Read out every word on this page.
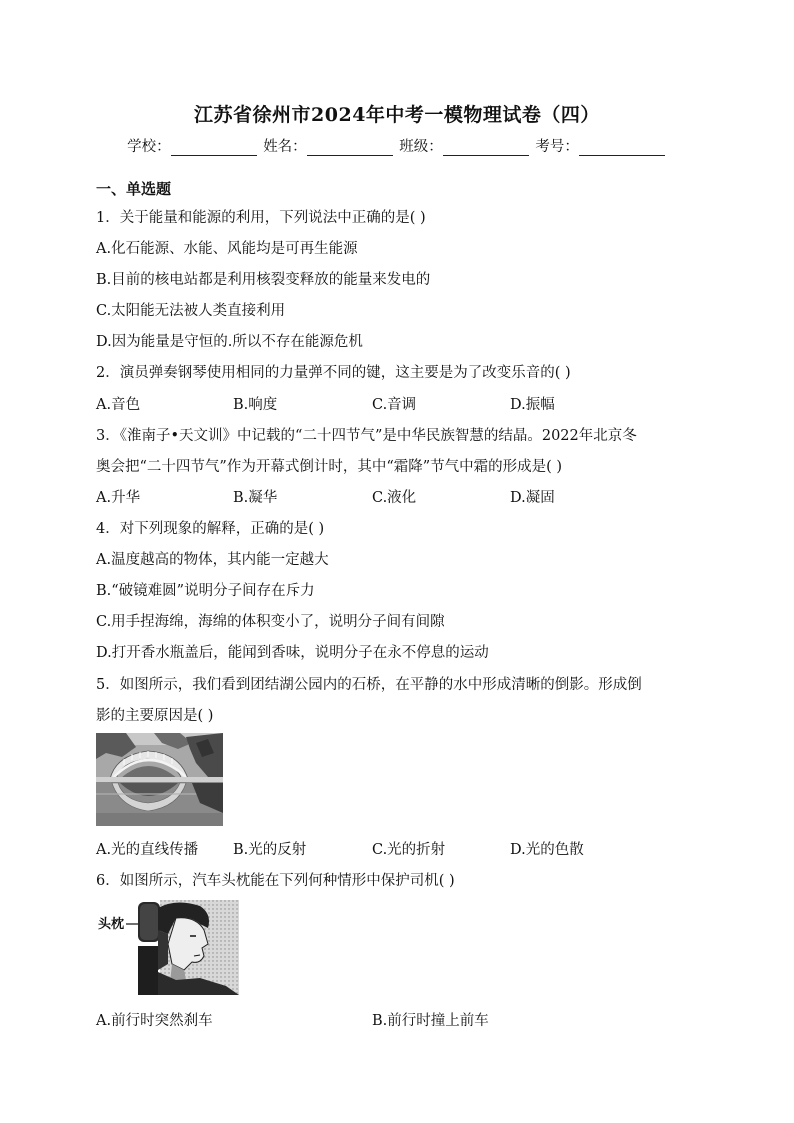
江苏省徐州市2024年中考一模物理试卷（四）
学校：	姓名：	班级：	考号：
一、单选题
1．关于能量和能源的利用，下列说法中正确的是( )
A.化石能源、水能、风能均是可再生能源
B.目前的核电站都是利用核裂变释放的能量来发电的
C.太阳能无法被人类直接利用
D.因为能量是守恒的.所以不存在能源危机
2．演员弹奏钢琴使用相同的力量弹不同的键，这主要是为了改变乐音的( )
A.音色	B.响度	C.音调	D.振幅
3．《淮南子•天文训》中记载的“二十四节气”是中华民族智慧的结晶。2022年北京冬
奥会把“二十四节气”作为开幕式倒计时，其中“霜降”节气中霜的形成是( )
A.升华	B.凝华	C.液化	D.凝固
4．对下列现象的解释，正确的是( )
A.温度越高的物体，其内能一定越大
B.“破镜难圆”说明分子间存在斥力
C.用手捏海绵，海绵的体积变小了，说明分子间有间隙
D.打开香水瓶盖后，能闻到香味，说明分子在永不停息的运动
5．如图所示，我们看到团结湖公园内的石桥，在平静的水中形成清晰的倒影。形成倒
影的主要原因是( )
A.光的直线传播 B.光的反射	C.光的折射	D.光的色散
6．如图所示，汽车头枕能在下列何种情形中保护司机( )
头枕
A.前行时突然刹车	B.前行时撞上前车
